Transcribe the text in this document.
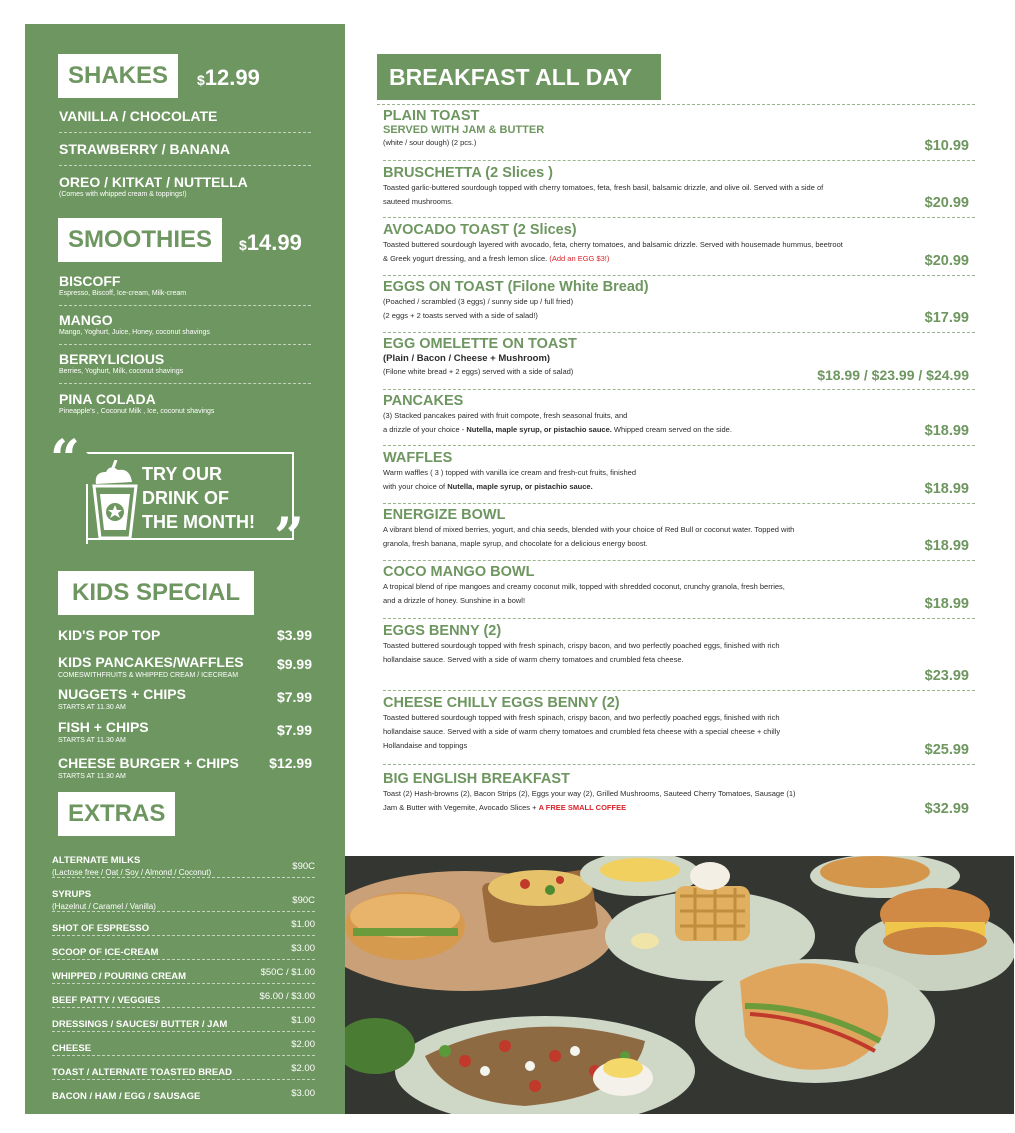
SHAKES	$12.99
VANILLA / CHOCOLATE
STRAWBERRY / BANANA
OREO / KITKAT / NUTTELLA
(Comes with whipped cream & toppings!)
SMOOTHIES	$14.99
BISCOFF
Espresso, Biscoff, Ice-cream, Milk-cream
MANGO
Mango, Yoghurt, Juice, Honey, coconut shavings
BERRYLICIOUS
Berries, Yoghurt, Milk, coconut shavings
PINA COLADA
Pineapple's , Coconut Milk , Ice, coconut shavings
“
”
TRY OUR
DRINK OF
THE MONTH!
KIDS SPECIAL
KID'S POP TOP	$3.99
KIDS PANCAKES/WAFFLES $9.99
COMESWITHFRUITS & WHIPPED CREAM / ICECREAM
NUGGETS + CHIPS	$7.99
STARTS AT 11.30 AM
FISH + CHIPS	$7.99
STARTS AT 11.30 AM
CHEESE BURGER + CHIPS $12.99
STARTS AT 11.30 AM
EXTRAS
ALTERNATE MILKS
(Lactose free / Oat / Soy / Almond / Coconut)
$90C
SYRUPS
(Hazelnut / Caramel / Vanilla)
$90C
SHOT OF ESPRESSO	$1.00
SCOOP OF ICE-CREAM	$3.00
WHIPPED / POURING CREAM	$50C / $1.00
BEEF PATTY / VEGGIES	$6.00 / $3.00
DRESSINGS / SAUCES/ BUTTER / JAM	$1.00
CHEESE	$2.00
TOAST / ALTERNATE TOASTED BREAD	$2.00
BACON / HAM / EGG / SAUSAGE	$3.00
BREAKFAST ALL DAY
PLAIN TOAST
SERVED WITH JAM & BUTTER
(white / sour dough) (2 pcs.)	$10.99
BRUSCHETTA (2 Slices )
Toasted garlic-buttered sourdough topped with cherry tomatoes, feta, fresh basil, balsamic drizzle, and olive oil. Served with a side of sauteed mushrooms.	$20.99
AVOCADO TOAST (2 Slices)
Toasted buttered sourdough layered with avocado, feta, cherry tomatoes, and balsamic drizzle. Served with housemade hummus, beetroot & Greek yogurt dressing, and a fresh lemon slice. (Add an EGG $3!)	$20.99
EGGS ON TOAST (Filone White Bread)
(Poached / scrambled (3 eggs) / sunny side up / full fried)
(2 eggs + 2 toasts served with a side of salad!)	$17.99
EGG OMELETTE ON TOAST
(Plain / Bacon / Cheese + Mushroom)
(Filone white bread + 2 eggs) served with a side of salad)	$18.99 / $23.99 / $24.99
PANCAKES
(3) Stacked pancakes paired with fruit compote, fresh seasonal fruits, and
a drizzle of your choice - Nutella, maple syrup, or pistachio sauce. Whipped cream served on the side.	$18.99
WAFFLES
Warm waffles ( 3 ) topped with vanilla ice cream and fresh-cut fruits, finished
with your choice of Nutella, maple syrup, or pistachio sauce.	$18.99
ENERGIZE BOWL
A vibrant blend of mixed berries, yogurt, and chia seeds, blended with your choice of Red Bull or coconut water. Topped with granola, fresh banana, maple syrup, and chocolate for a delicious energy boost.	$18.99
COCO MANGO BOWL
A tropical blend of ripe mangoes and creamy coconut milk, topped with shredded coconut, crunchy granola, fresh berries, and a drizzle of honey. Sunshine in a bowl!	$18.99
EGGS BENNY (2)
Toasted buttered sourdough topped with fresh spinach, crispy bacon, and two perfectly poached eggs, finished with rich hollandaise sauce. Served with a side of warm cherry tomatoes and crumbled feta cheese.
$23.99
CHEESE CHILLY EGGS BENNY (2)
Toasted buttered sourdough topped with fresh spinach, crispy bacon, and two perfectly poached eggs, finished with rich hollandaise sauce. Served with a side of warm cherry tomatoes and crumbled feta cheese with a special cheese + chilly Hollandaise and toppings	$25.99
BIG ENGLISH BREAKFAST
Toast (2) Hash-browns (2), Bacon Strips (2), Eggs your way (2), Grilled Mushrooms, Sauteed Cherry Tomatoes, Sausage (1) Jam & Butter with Vegemite, Avocado Slices + A FREE SMALL COFFEE	$32.99
